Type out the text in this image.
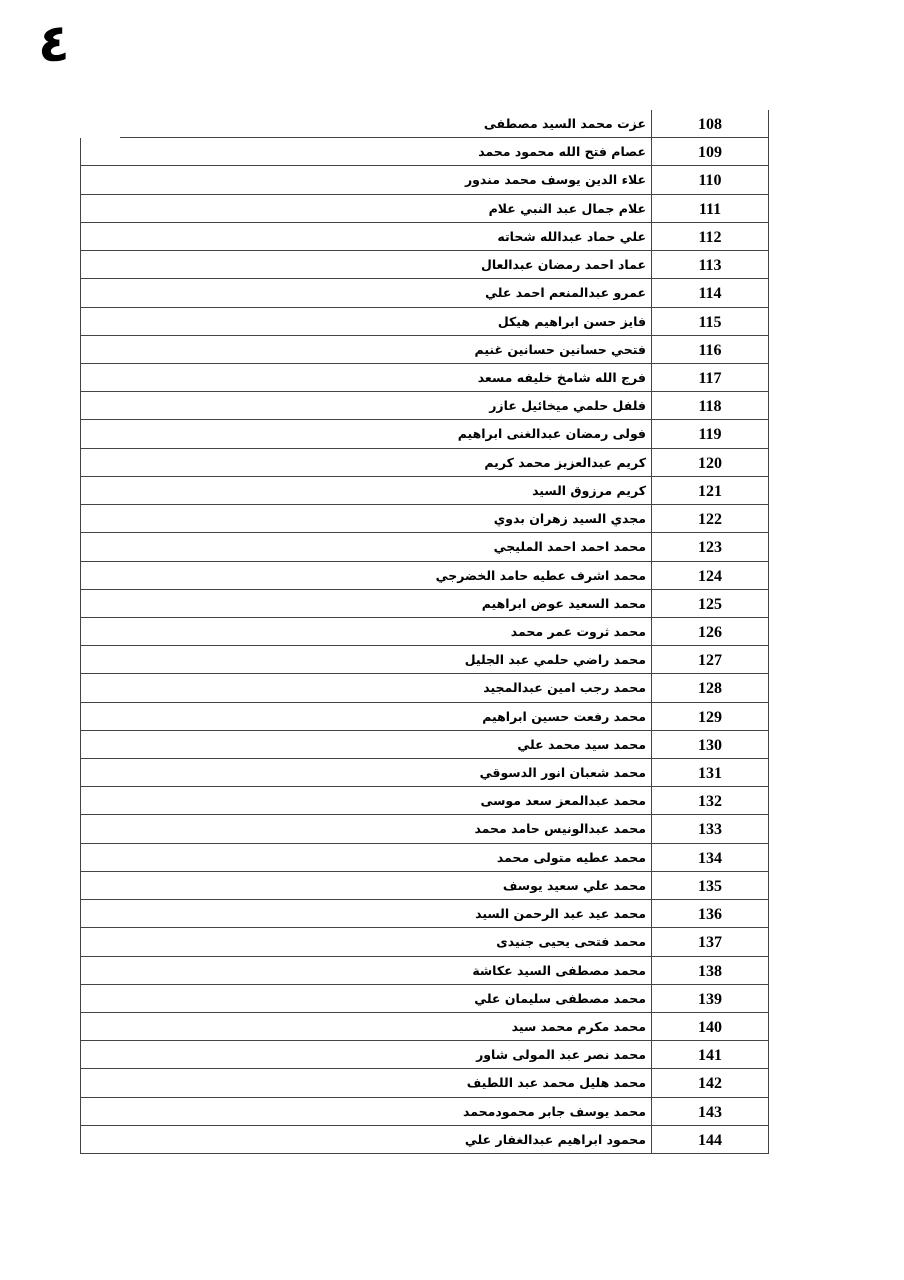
٤
عزت محمد السيد مصطفى	108
عصام فتح الله محمود محمد	109
علاء الدين يوسف محمد مندور	110
علام جمال عبد النبي علام	111
علي حماد عبدالله شحاته	112
عماد احمد رمضان عبدالعال	113
عمرو عبدالمنعم احمد علي	114
فايز حسن ابراهيم هيكل	115
فتحي حسانين حسانين غنيم	116
فرج الله شامخ خليفه مسعد	117
فلفل حلمي ميخائيل عازر	118
فولى رمضان عبدالغنى ابراهيم	119
كريم عبدالعزيز محمد كريم	120
كريم مرزوق السيد	121
مجدي السيد زهران بدوي	122
محمد احمد احمد المليجي	123
محمد اشرف عطيه حامد الخضرجي	124
محمد السعيد عوض ابراهيم	125
محمد ثروت عمر محمد	126
محمد راضي حلمي عبد الجليل	127
محمد رجب امين عبدالمجيد	128
محمد رفعت حسين ابراهيم	129
محمد سيد محمد علي	130
محمد شعبان انور الدسوقي	131
محمد عبدالمعز سعد موسى	132
محمد عبدالونيس حامد محمد	133
محمد عطيه متولى محمد	134
محمد علي سعيد يوسف	135
محمد عيد عبد الرحمن السيد	136
محمد فتحى يحيى جنيدى	137
محمد مصطفى السيد عكاشة	138
محمد مصطفى سليمان علي	139
محمد مكرم محمد سيد	140
محمد نصر عبد المولى شاور	141
محمد هليل محمد عبد اللطيف	142
محمد يوسف جابر محمودمحمد	143
محمود ابراهيم عبدالغفار علي	144
